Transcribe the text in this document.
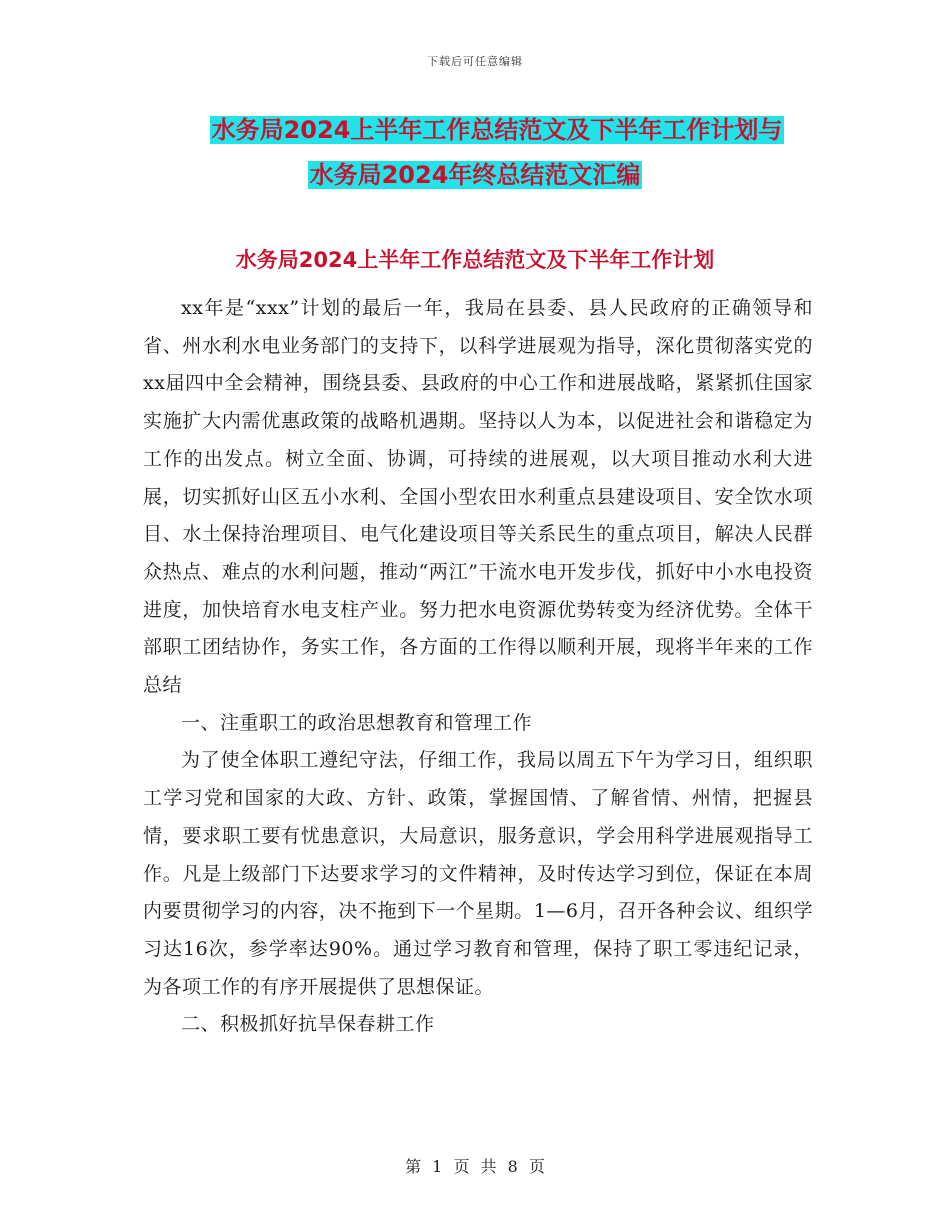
下载后可任意编辑
水务局2024上半年工作总结范文及下半年工作计划与
水务局2024年终总结范文汇编
水务局2024上半年工作总结范文及下半年工作计划

xx年是“xxx”计划的最后一年，我局在县委、县人民政府的正确领导和省、州水利水电业务部门的支持下，以科学进展观为指导，深化贯彻落实党的xx届四中全会精神，围绕县委、县政府的中心工作和进展战略，紧紧抓住国家实施扩大内需优惠政策的战略机遇期。坚持以人为本，以促进社会和谐稳定为工作的出发点。树立全面、协调，可持续的进展观，以大项目推动水利大进展，切实抓好山区五小水利、全国小型农田水利重点县建设项目、安全饮水项目、水土保持治理项目、电气化建设项目等关系民生的重点项目，解决人民群众热点、难点的水利问题，推动“两江”干流水电开发步伐，抓好中小水电投资进度，加快培育水电支柱产业。努力把水电资源优势转变为经济优势。全体干部职工团结协作，务实工作，各方面的工作得以顺利开展，现将半年来的工作总结

一、注重职工的政治思想教育和管理工作

为了使全体职工遵纪守法，仔细工作，我局以周五下午为学习日，组织职工学习党和国家的大政、方针、政策，掌握国情、了解省情、州情，把握县情，要求职工要有忧患意识，大局意识，服务意识，学会用科学进展观指导工作。凡是上级部门下达要求学习的文件精神，及时传达学习到位，保证在本周内要贯彻学习的内容，决不拖到下一个星期。1—6月，召开各种会议、组织学习达16次，参学率达90%。通过学习教育和管理，保持了职工零违纪记录，为各项工作的有序开展提供了思想保证。

二、积极抓好抗旱保春耕工作

第 1 页 共 8 页
